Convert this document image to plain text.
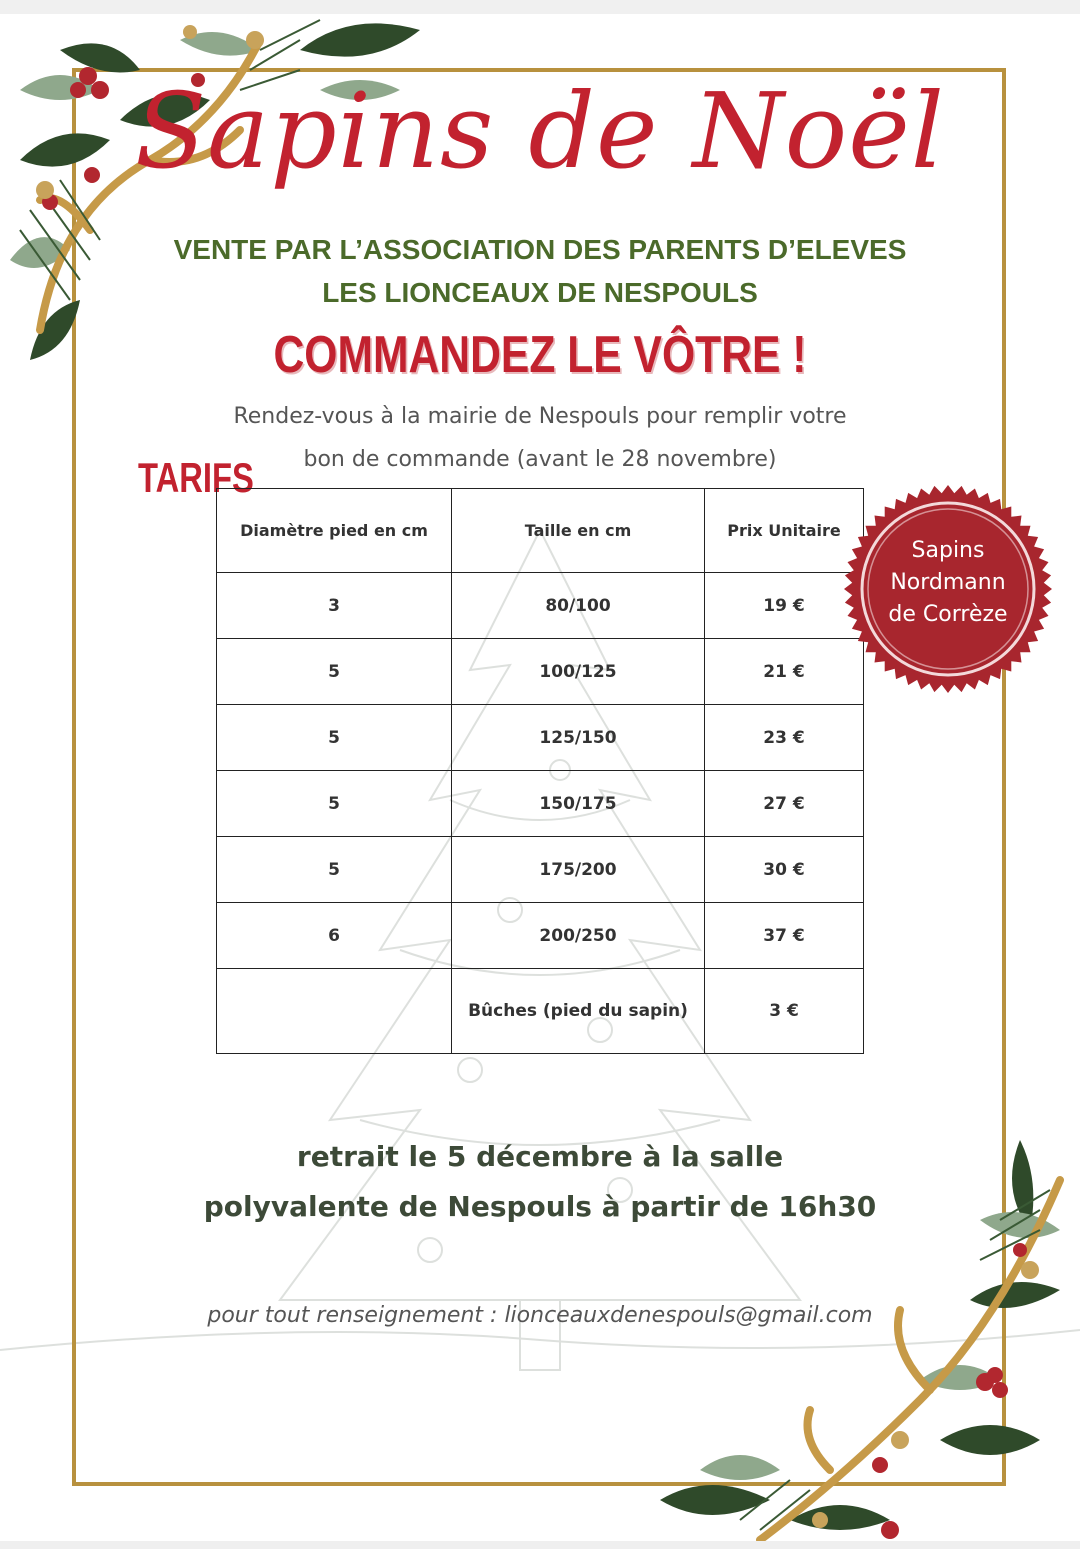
Sapins de Noël

VENTE PAR L’ASSOCIATION DES PARENTS D’ELEVES

LES LIONCEAUX DE NESPOULS

COMMANDEZ LE VÔTRE !

Rendez-vous à la mairie de Nespouls pour remplir votre

bon de commande (avant le 28 novembre)

TARIFS
Diamètre pied en cm	Taille en cm	Prix Unitaire
3	80/100	19 €
5	100/125	21 €
5	125/150	23 €
5	150/175	27 €
5	175/200	30 €
6	200/250	37 €
	Bûches (pied du sapin)	3 €
Sapins
Nordmann
de Corrèze

retrait le 5 décembre à la salle

polyvalente de Nespouls à partir de 16h30

pour tout renseignement : lionceauxdenespouls@gmail.com
